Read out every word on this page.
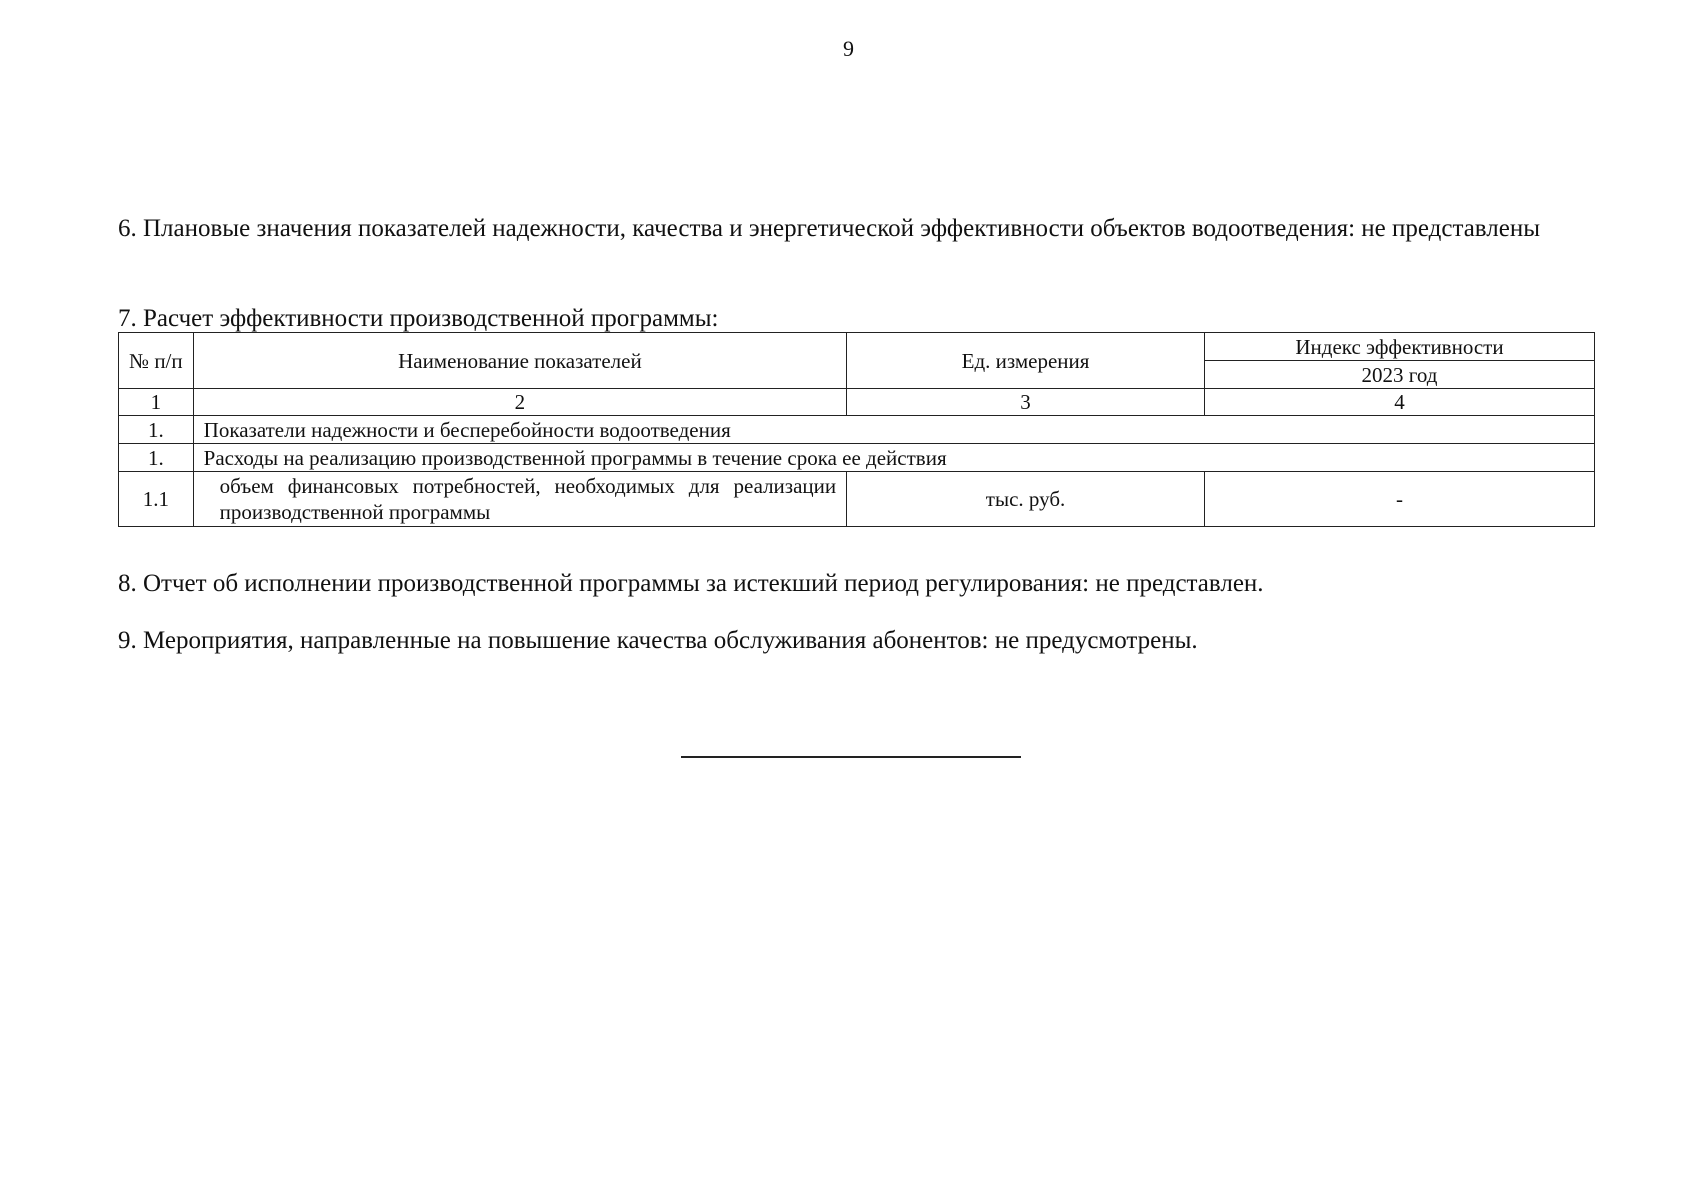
9
6. Плановые значения показателей надежности, качества и энергетической эффективности объектов водоотведения: не представлены
7. Расчет эффективности производственной программы:
№ п/п	Наименование показателей	Ед. измерения	Индекс эффективности
			2023 год
1	2	3	4
1.	Показатели надежности и бесперебойности водоотведения		
1.	Расходы на реализацию производственной программы в течение срока ее действия		
1.1	объем финансовых потребностей, необходимых для реализации производственной программы	тыс. руб.	-
8. Отчет об исполнении производственной программы за истекший период регулирования: не представлен.
9. Мероприятия, направленные на повышение качества обслуживания абонентов: не предусмотрены.
